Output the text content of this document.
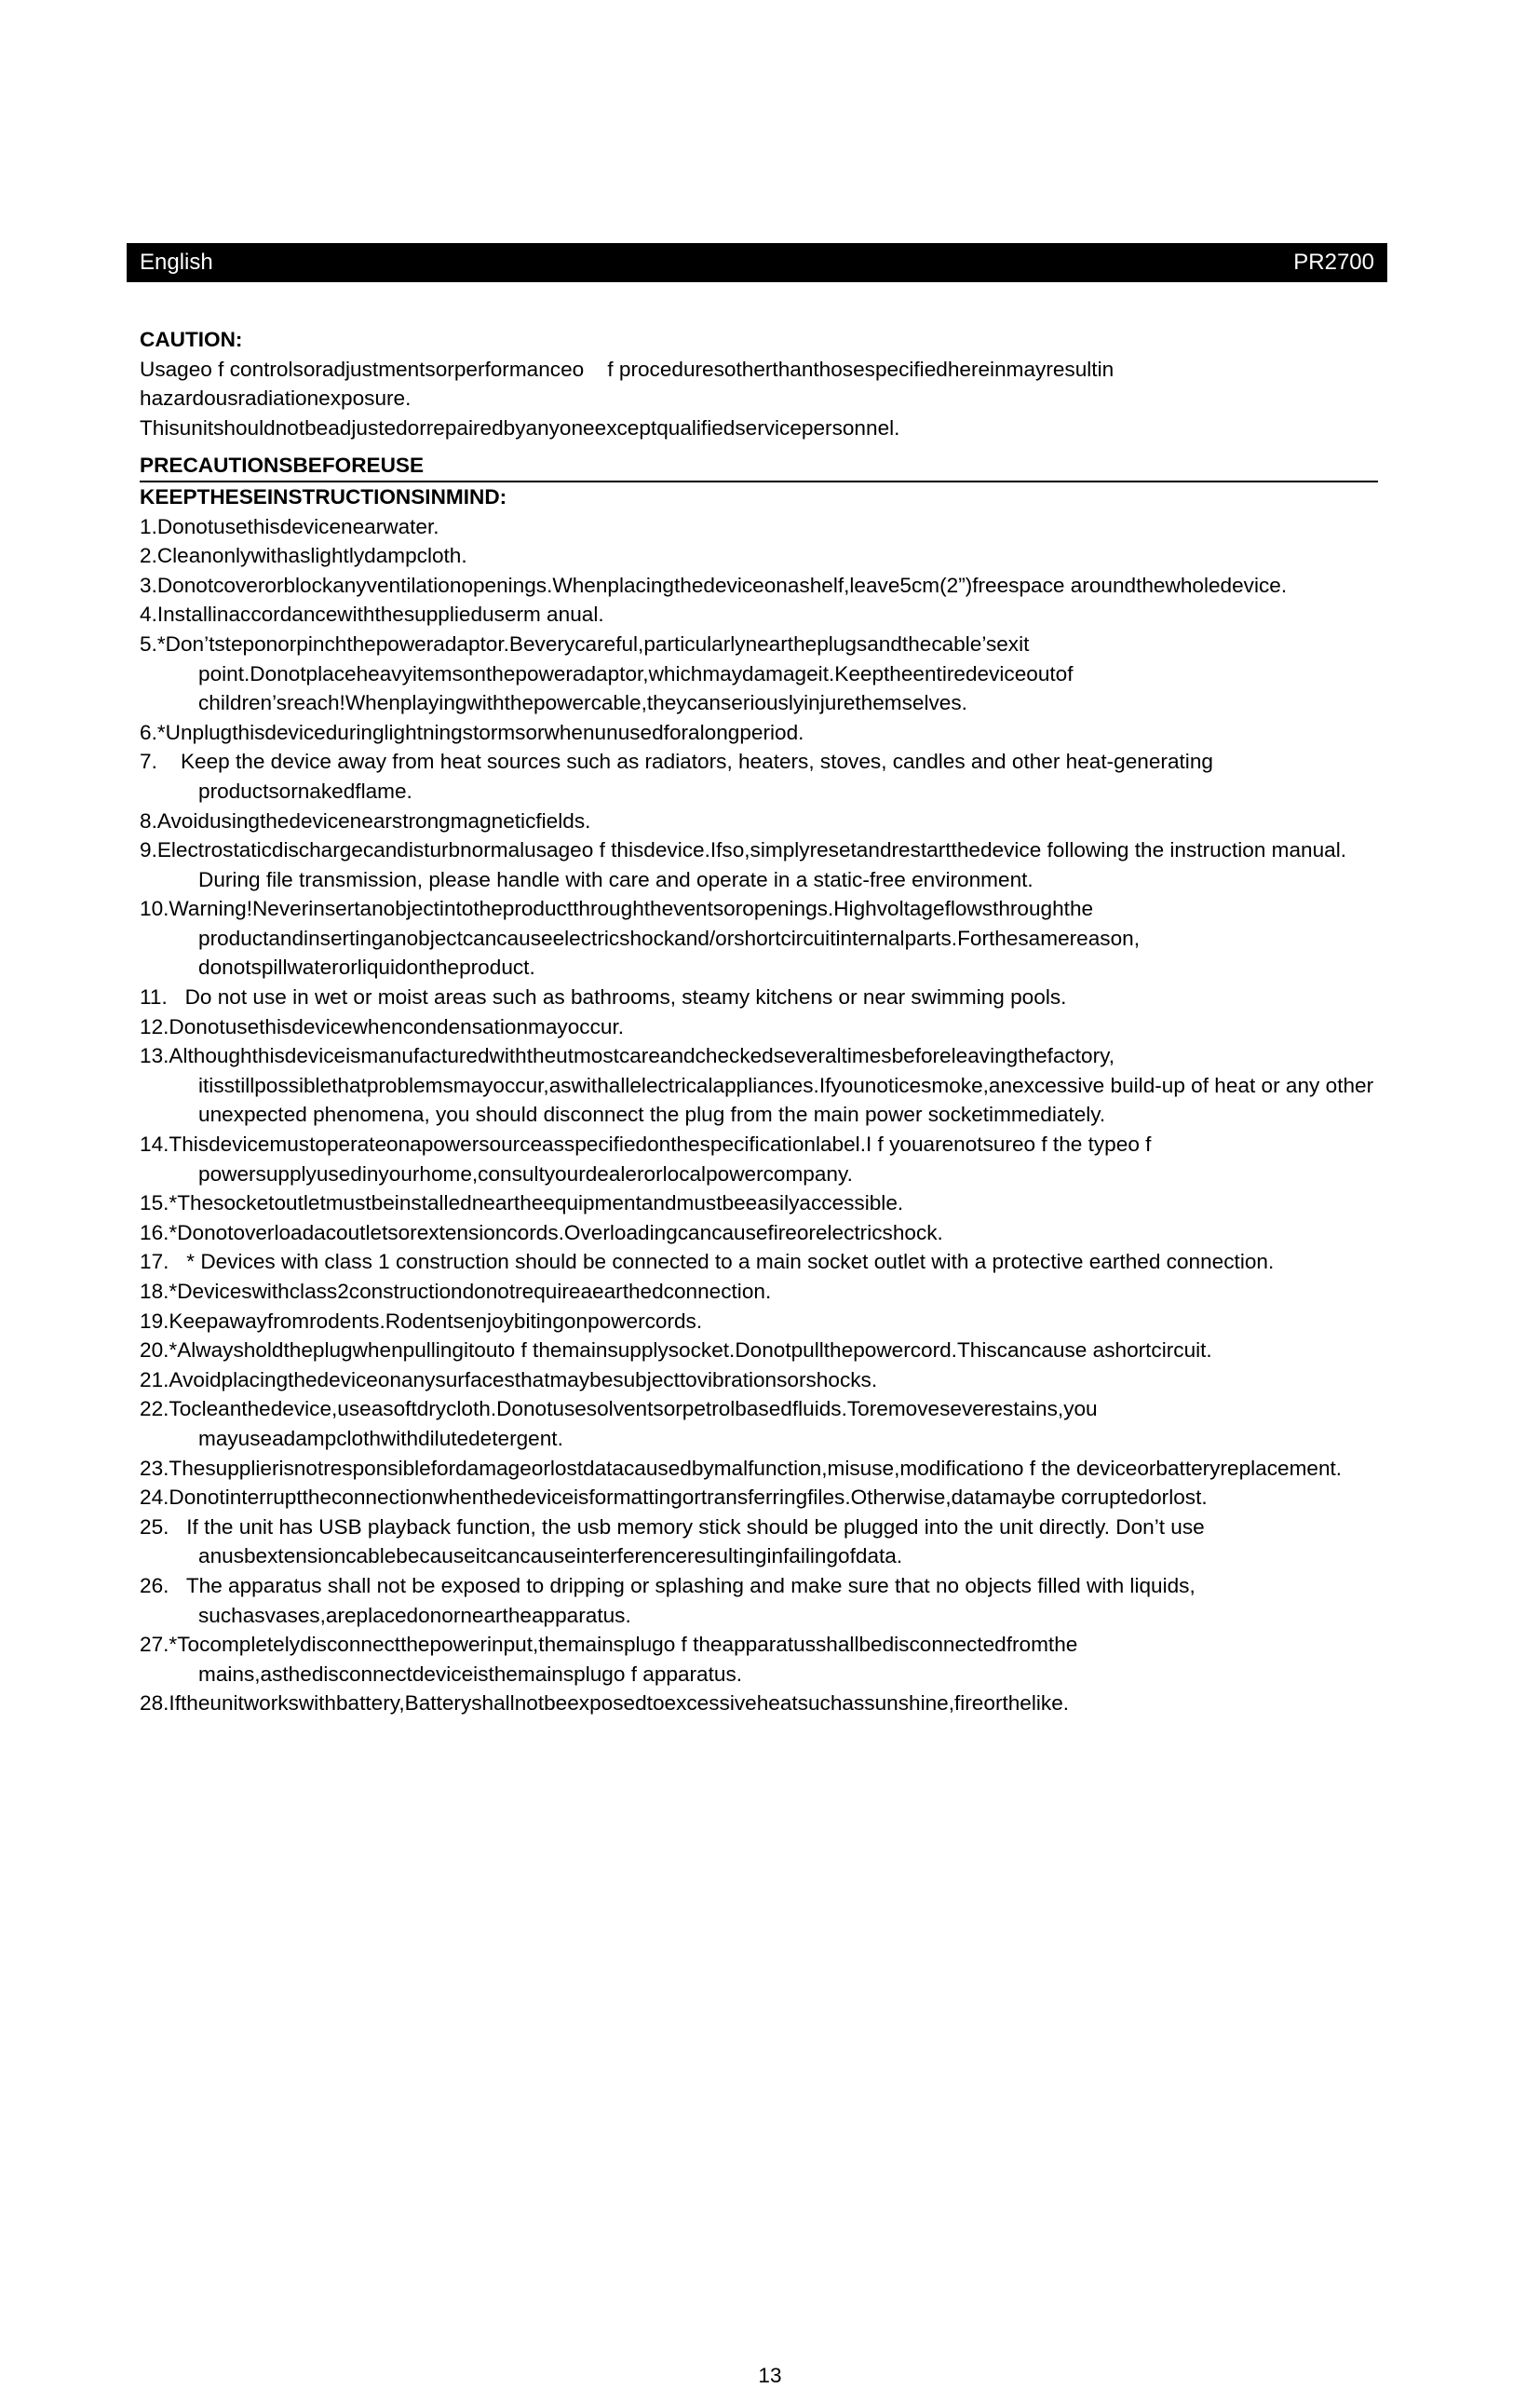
English	PR2700
CAUTION:
Usageo f controlsoradjustmentsorperformanceo    f proceduresotherthanthosespecifiedhereinmayresultin
hazardousradiationexposure.
Thisunitshouldnotbeadjustedorrepairedbyanyoneexceptqualifiedservicepersonnel.
PRECAUTIONSBEFOREUSE
KEEPTHESEINSTRUCTIONSINMIND:
1.Donotusethisdevicenearwater.
2.Cleanonlywithaslightlydampcloth.
3.Donotcoverorblockanyventilationopenings.Whenplacingthedeviceonashelf,leave5cm(2”)freespace aroundthewholedevice.
4.Installinaccordancewiththesupplieduserm anual.
5.*Don’tsteponorpinchthepoweradaptor.Beverycareful,particularlyneartheplugsandthecable’sexit point.Donotplaceheavyitemsonthepoweradaptor,whichmaydamageit.Keeptheentiredeviceoutof children’sreach!Whenplayingwiththepowercable,theycanseriouslyinjurethemselves.
6.*Unplugthisdeviceduringlightningstormsorwhenunusedforalongperiod.
7.    Keep the device away from heat sources such as radiators, heaters, stoves, candles and other heat-generating productsornakedflame.
8.Avoidusingthedevicenearstrongmagneticfields.
9.Electrostaticdischargecandisturbnormalusageo f thisdevice.Ifso,simplyresetandrestartthedevice following the instruction manual. During file transmission, please handle with care and operate in a static-free environment.
10.Warning!Neverinsertanobjectintotheproductthroughtheventsoropenings.Highvoltageflowsthroughthe productandinsertinganobjectcancauseelectricshockand/orshortcircuitinternalparts.Forthesamereason, donotspillwaterorliquidontheproduct.
11.   Do not use in wet or moist areas such as bathrooms, steamy kitchens or near swimming pools.
12.Donotusethisdevicewhencondensationmayoccur.
13.Althoughthisdeviceismanufacturedwiththeutmostcareandcheckedseveraltimesbeforeleavingthefactory, itisstillpossiblethatproblemsmayoccur,aswithallelectricalappliances.Ifyounoticesmoke,anexcessive build-up of heat or any other unexpected phenomena, you should disconnect the plug from the main power socketimmediately.
14.Thisdevicemustoperateonapowersourceasspecifiedonthespecificationlabel.I f youarenotsureo f the typeo f powersupplyusedinyourhome,consultyourdealerorlocalpowercompany.
15.*Thesocketoutletmustbeinstalledneartheequipmentandmustbeeasilyaccessible.
16.*Donotoverloadacoutletsorextensioncords.Overloadingcancausefireorelectricshock.
17.   * Devices with class 1 construction should be connected to a main socket outlet with a protective earthed connection.
18.*Deviceswithclass2constructiondonotrequireaearthedconnection.
19.Keepawayfromrodents.Rodentsenjoybitingonpowercords.
20.*Alwaysholdtheplugwhenpullingitouto f themainsupplysocket.Donotpullthepowercord.Thiscancause ashortcircuit.
21.Avoidplacingthedeviceonanysurfacesthatmaybesubjecttovibrationsorshocks.
22.Tocleanthedevice,useasoftdrycloth.Donotusesolventsorpetrolbasedfluids.Toremoveseverestains,you mayuseadampclothwithdilutedetergent.
23.Thesupplierisnotresponsiblefordamageorlostdatacausedbymalfunction,misuse,modificationo f the deviceorbatteryreplacement.
24.Donotinterrupttheconnectionwhenthedeviceisformattingortransferringfiles.Otherwise,datamaybe corruptedorlost.
25.   If the unit has USB playback function, the usb memory stick should be plugged into the unit directly. Don’t use anusbextensioncablebecauseitcancauseinterferenceresultinginfailingofdata.
26.   The apparatus shall not be exposed to dripping or splashing and make sure that no objects filled with liquids, suchasvases,areplacedonorneartheapparatus.
27.*Tocompletelydisconnectthepowerinput,themainsplugo f theapparatusshallbedisconnectedfromthe mains,asthedisconnectdeviceisthemainsplugo f apparatus.
28.Iftheunitworkswithbattery,Batteryshallnotbeexposedtoexcessiveheatsuchassunshine,fireorthelike.
13
